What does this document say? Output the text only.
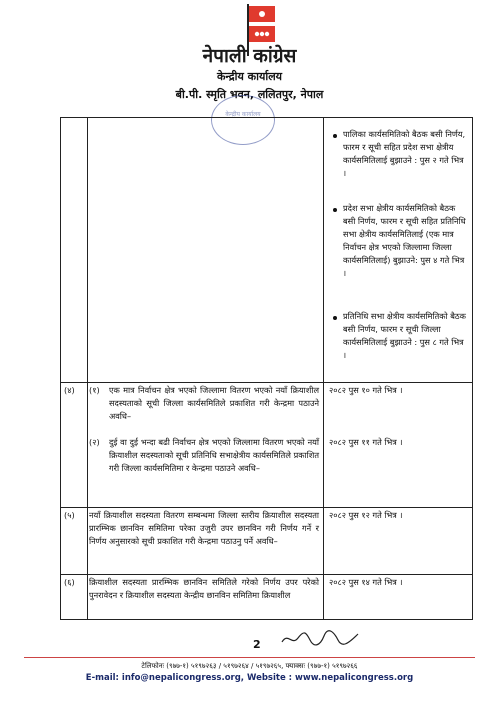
नेपाली कांग्रेस
केन्द्रीय कार्यालय
बी.पी. स्मृति भवन, ललितपुर, नेपाल
केन्द्रीय कार्यालय
पालिका कार्यसमितिको बैठक बसी निर्णय, फारम र सूची सहित प्रदेश सभा क्षेत्रीय कार्यसमितिलाई बुझाउने : पुस २ गते भित्र ।
प्रदेश सभा क्षेत्रीय कार्यसमितिको बैठक बसी निर्णय, फारम र सूची सहित प्रतिनिधि सभा क्षेत्रीय कार्यसमितिलाई (एक मात्र निर्वाचन क्षेत्र भएको जिल्लामा जिल्ला कार्यसमितिलाई) बुझाउने: पुस ४ गते भित्र ।
प्रतिनिधि सभा क्षेत्रीय कार्यसमितिको बैठक बसी निर्णय, फारम र सूची जिल्ला कार्यसमितिलाई बुझाउने : पुस ८ गते भित्र ।
(४) (१) एक मात्र निर्वाचन क्षेत्र भएको जिल्लामा वितरण भएको नयाँ क्रियाशील सदस्यताको सूची जिल्ला कार्यसमितिले प्रकाशित गरी केन्द्रमा पठाउने अवधि–
२०८२ पुस १० गते भित्र ।
(२) दुई वा दुई भन्दा बढी निर्वाचन क्षेत्र भएको जिल्लामा वितरण भएको नयाँ क्रियाशील सदस्यताको सूची प्रतिनिधि सभाक्षेत्रीय कार्यसमितिले प्रकाशित गरी जिल्ला कार्यसमितिमा र केन्द्रमा पठाउने अवधि–
२०८२ पुस ११ गते भित्र ।
(५) नयाँ क्रियाशील सदस्यता वितरण सम्बन्धमा जिल्ला स्तरीय क्रियाशील सदस्यता प्रारम्भिक छानविन समितिमा परेका उजुरी उपर छानविन गरी निर्णय गर्ने र निर्णय अनुसारको सूची प्रकाशित गरी केन्द्रमा पठाउनु पर्ने अवधि–
२०८२ पुस १२ गते भित्र ।
(६) क्रियाशील सदस्यता प्रारम्भिक छानविन समितिले गरेको निर्णय उपर परेको पुनरावेदन र क्रियाशील सदस्यता केन्द्रीय छानविन समितिमा क्रियाशील
२०८२ पुस १४ गते भित्र ।
2
टेलिफोनः (९७७-१) ५१९७२६३ / ५१९७२६४ / ५१९७२६५, फ्याक्सः (९७७-१) ५१९७२६६
E-mail: info@nepalicongress.org, Website : www.nepalicongress.org
